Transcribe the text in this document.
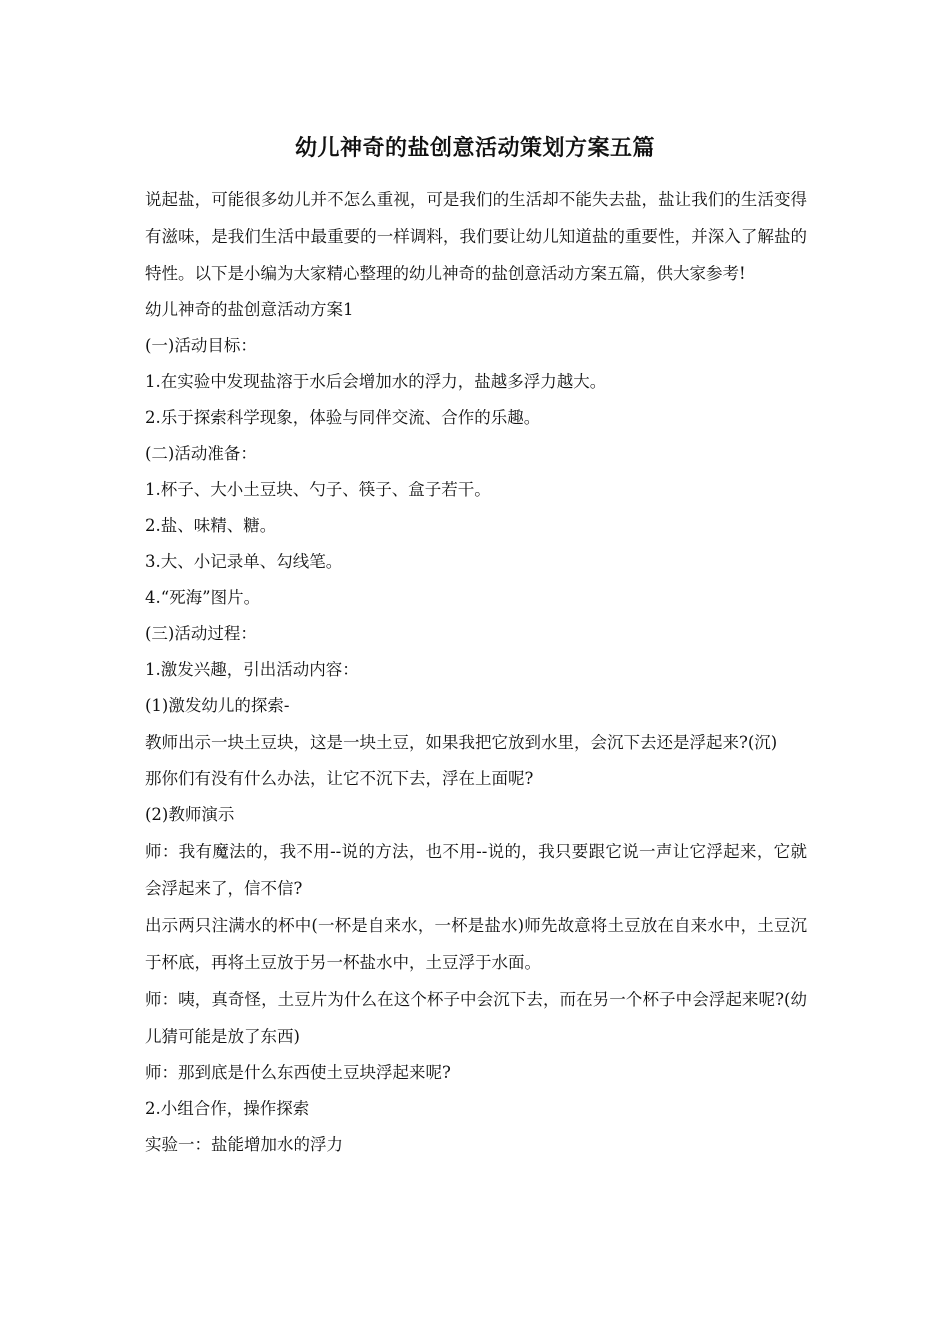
幼儿神奇的盐创意活动策划方案五篇

说起盐，可能很多幼儿并不怎么重视，可是我们的生活却不能失去盐，盐让我们的生活变得有滋味，是我们生活中最重要的一样调料，我们要让幼儿知道盐的重要性，并深入了解盐的特性。以下是小编为大家精心整理的幼儿神奇的盐创意活动方案五篇，供大家参考!

幼儿神奇的盐创意活动方案1

(一)活动目标：

1.在实验中发现盐溶于水后会增加水的浮力，盐越多浮力越大。

2.乐于探索科学现象，体验与同伴交流、合作的乐趣。

(二)活动准备：

1.杯子、大小土豆块、勺子、筷子、盒子若干。

2.盐、味精、糖。

3.大、小记录单、勾线笔。

4.“死海”图片。

(三)活动过程：

1.激发兴趣，引出活动内容：

(1)激发幼儿的探索-

教师出示一块土豆块，这是一块土豆，如果我把它放到水里，会沉下去还是浮起来?(沉)

那你们有没有什么办法，让它不沉下去，浮在上面呢?

(2)教师演示

师：我有魔法的，我不用--说的方法，也不用--说的，我只要跟它说一声让它浮起来，它就会浮起来了，信不信?

出示两只注满水的杯中(一杯是自来水，一杯是盐水)师先故意将土豆放在自来水中，土豆沉于杯底，再将土豆放于另一杯盐水中，土豆浮于水面。

师：咦，真奇怪，土豆片为什么在这个杯子中会沉下去，而在另一个杯子中会浮起来呢?(幼儿猜可能是放了东西)

师：那到底是什么东西使土豆块浮起来呢?

2.小组合作，操作探索

实验一：盐能增加水的浮力
